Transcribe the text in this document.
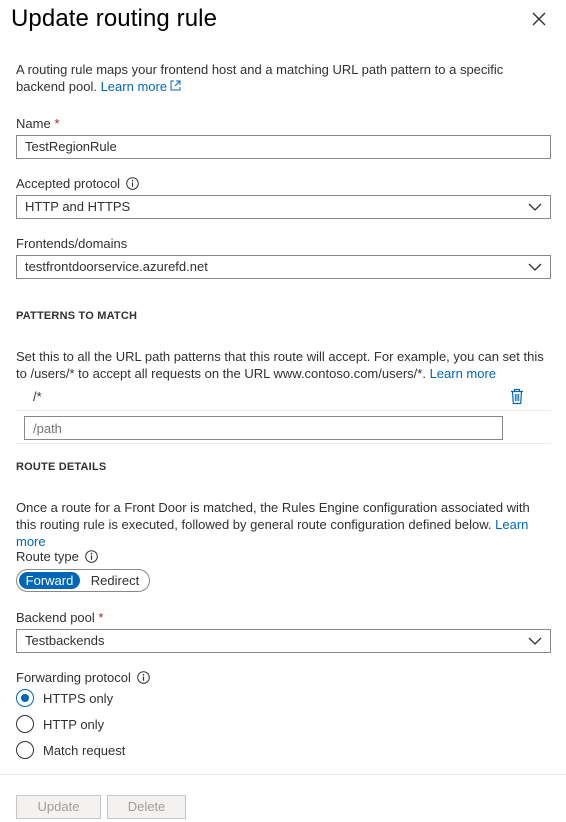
Update routing rule
A routing rule maps your frontend host and a matching URL path pattern to a specific backend pool. Learn more
Name *
TestRegionRule
Accepted protocol
HTTP and HTTPS
Frontends/domains
testfrontdoorservice.azurefd.net
PATTERNS TO MATCH
Set this to all the URL path patterns that this route will accept. For example, you can set this to /users/* to accept all requests on the URL www.contoso.com/users/*. Learn more
/*
/path
ROUTE DETAILS
Once a route for a Front Door is matched, the Rules Engine configuration associated with this routing rule is executed, followed by general route configuration defined below. Learn more
Route type
Forward	Redirect
Backend pool *
Testbackends
Forwarding protocol
HTTPS only
HTTP only
Match request
Update	Delete
